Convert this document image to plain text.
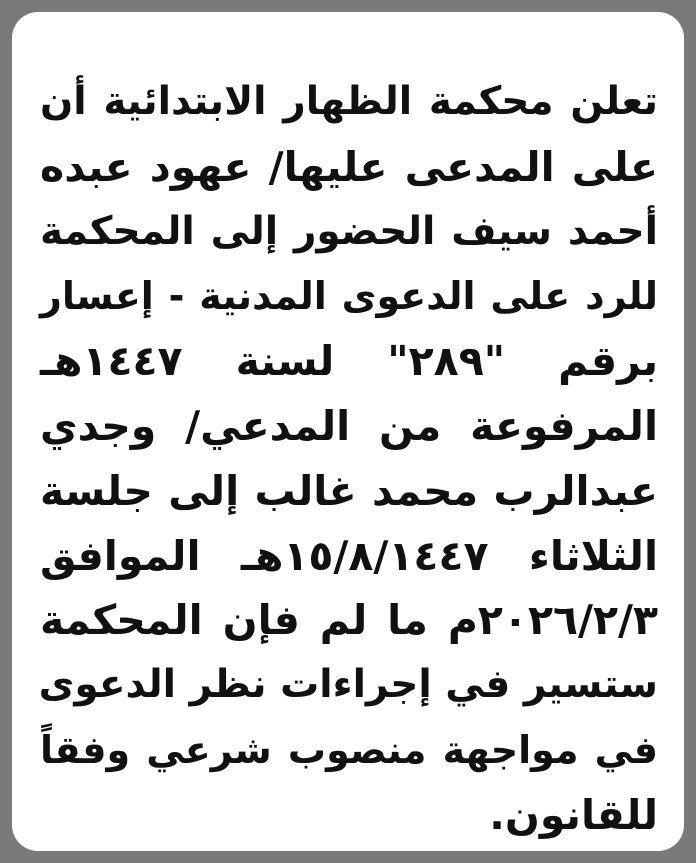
تعلن محكمة الظهار الابتدائية أن
على المدعى عليها/ عهود عبده
أحمد سيف الحضور إلى المحكمة
للرد على الدعوى المدنية - إعسار
برقم "٢٨٩" لسنة ١٤٤٧هـ
المرفوعة من المدعي/ وجدي
عبدالرب محمد غالب إلى جلسة
الثلاثاء ١٥/٨/١٤٤٧هـ الموافق
٢٠٢٦/٢/٣م ما لم فإن المحكمة
ستسير في إجراءات نظر الدعوى
في مواجهة منصوب شرعي وفقاً
للقانون.
